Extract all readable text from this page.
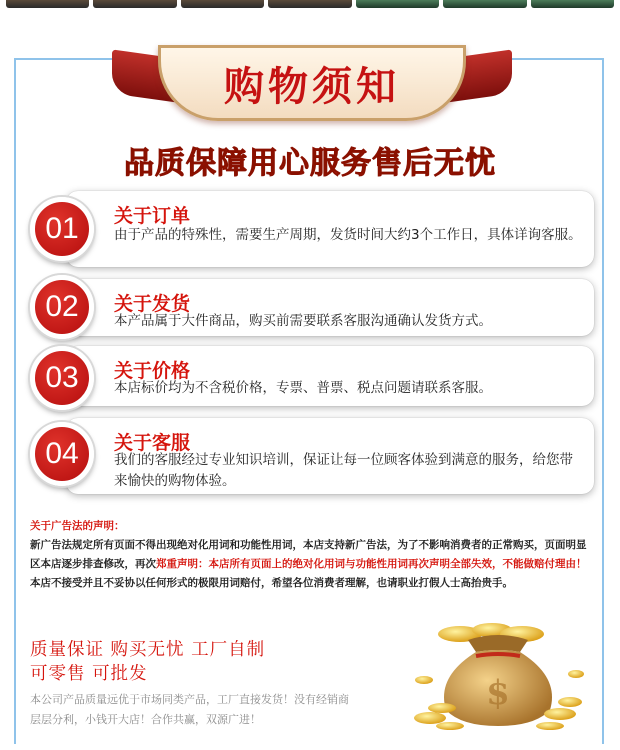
购物须知
品质保障用心服务售后无忧
关于订单
由于产品的特殊性，需要生产周期，发货时间大约3个工作日，具体详询客服。
01
关于发货
本产品属于大件商品，购买前需要联系客服沟通确认发货方式。
02
关于价格
本店标价均为不含税价格，专票、普票、税点问题请联系客服。
03
关于客服
我们的客服经过专业知识培训，保证让每一位顾客体验到满意的服务，给您带来愉快的购物体验。
04
关于广告法的声明：

新广告法规定所有页面不得出现绝对化用词和功能性用词，本店支持新广告法，为了不影响消费者的正常购买，页面明显区本店逐步排查修改，再次郑重声明：本店所有页面上的绝对化用词与功能性用词再次声明全部失效，不能做赔付理由！

本店不接受并且不妥协以任何形式的极限用词赔付，希望各位消费者理解，也请职业打假人士高抬贵手。

质量保证 购买无忧 工厂自制
可零售 可批发
本公司产品质量远优于市场同类产品，工厂直接发货！没有经销商
层层分利，小钱开大店！合作共赢，双源广进！
$
